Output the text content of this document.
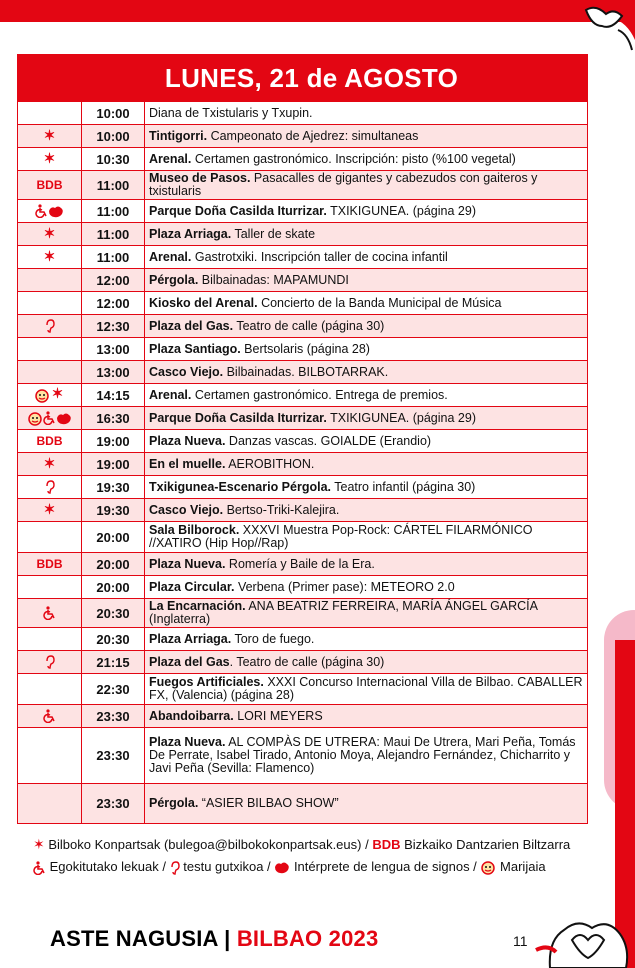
LUNES, 21 de AGOSTO
	10:00	Diana de Txistularis y Txupin.
✶	10:00	Tintigorri. Campeonato de Ajedrez: simultaneas
✶	10:30	Arenal. Certamen gastronómico. Inscripción: pisto (%100 vegetal)
BDB	11:00	Museo de Pasos. Pasacalles de gigantes y cabezudos con gaiteros y txistularis
	11:00	Parque Doña Casilda Iturrizar. TXIKIGUNEA. (página 29)
✶	11:00	Plaza Arriaga. Taller de skate
✶	11:00	Arenal. Gastrotxiki. Inscripción taller de cocina infantil
	12:00	Pérgola. Bilbainadas: MAPAMUNDI
	12:00	Kiosko del Arenal. Concierto de la Banda Municipal de Música
	12:30	Plaza del Gas. Teatro de calle (página 30)
	13:00	Plaza Santiago. Bertsolaris (página 28)
	13:00	Casco Viejo. Bilbainadas. BILBOTARRAK.
✶	14:15	Arenal. Certamen gastronómico. Entrega de premios.
	16:30	Parque Doña Casilda Iturrizar. TXIKIGUNEA. (página 29)
BDB	19:00	Plaza Nueva. Danzas vascas. GOIALDE (Erandio)
✶	19:00	En el muelle. AEROBITHON.
	19:30	Txikigunea-Escenario Pérgola. Teatro infantil (página 30)
✶	19:30	Casco Viejo. Bertso-Triki-Kalejira.
	20:00	Sala Bilborock. XXXVI Muestra Pop-Rock: CÁRTEL FILARMÓNICO //XATIRO (Hip Hop//Rap)
BDB	20:00	Plaza Nueva. Romería y Baile de la Era.
	20:00	Plaza Circular. Verbena (Primer pase): METEORO 2.0
	20:30	La Encarnación. ANA BEATRIZ FERREIRA, MARÍA ÁNGEL GARCÍA (Inglaterra)
	20:30	Plaza Arriaga. Toro de fuego.
	21:15	Plaza del Gas. Teatro de calle (página 30)
	22:30	Fuegos Artificiales. XXXI Concurso Internacional Villa de Bilbao. CABALLER FX, (Valencia) (página 28)
	23:30	Abandoibarra. LORI MEYERS
	23:30	Plaza Nueva. AL COMPÀS DE UTRERA: Maui De Utrera, Mari Peña, Tomás De Perrate, Isabel Tirado, Antonio Moya, Alejandro Fernández, Chicharrito y Javi Peña (Sevilla: Flamenco)
	23:30	Pérgola. “ASIER BILBAO SHOW”
✶ Bilboko Konpartsak (bulegoa@bilbokokonpartsak.eus) / BDB Bizkaiko Dantzarien Biltzarra
Egokitutako lekuak / testu gutxikoa / Intérprete de lengua de signos / Marijaia
ASTE NAGUSIA | BILBAO 2023	11
